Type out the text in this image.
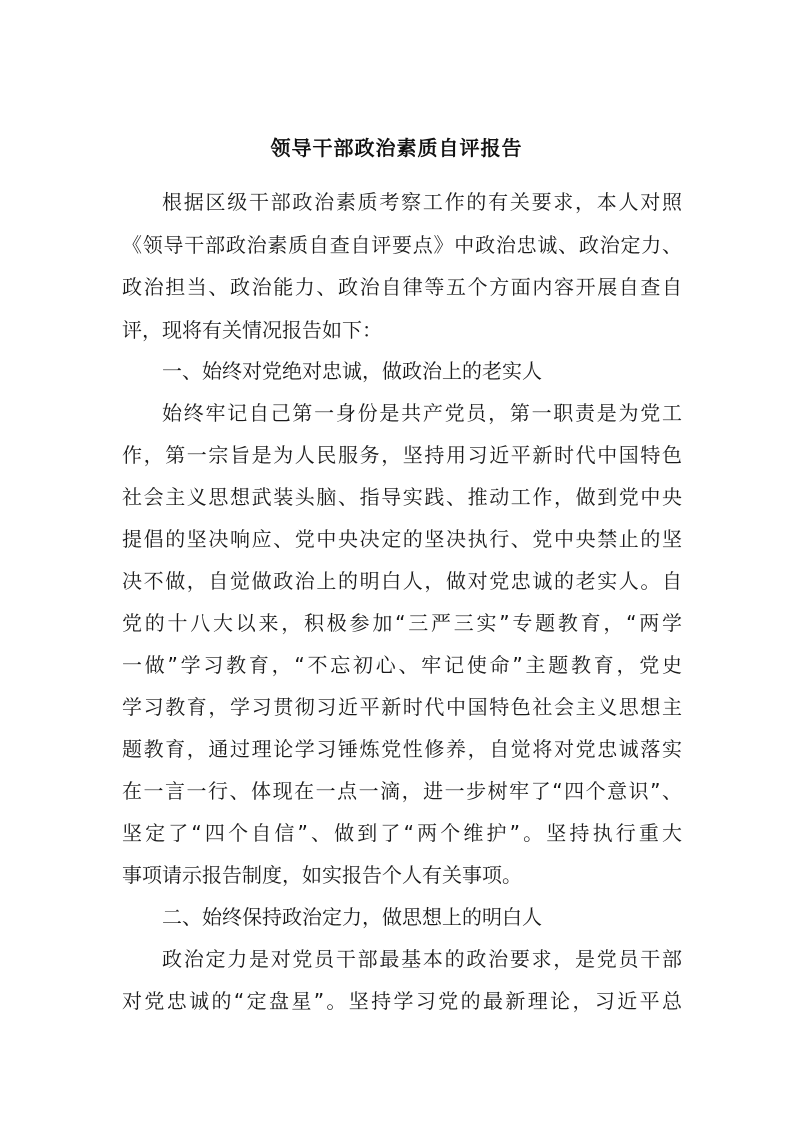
领导干部政治素质自评报告

根据区级干部政治素质考察工作的有关要求，本人对照

《领导干部政治素质自查自评要点》中政治忠诚、政治定力、

政治担当、政治能力、政治自律等五个方面内容开展自查自

评，现将有关情况报告如下：

一、始终对党绝对忠诚，做政治上的老实人

始终牢记自己第一身份是共产党员，第一职责是为党工

作，第一宗旨是为人民服务，坚持用习近平新时代中国特色

社会主义思想武装头脑、指导实践、推动工作，做到党中央

提倡的坚决响应、党中央决定的坚决执行、党中央禁止的坚

决不做，自觉做政治上的明白人，做对党忠诚的老实人。自

党的十八大以来，积极参加“三严三实”专题教育，“两学

一做”学习教育，“不忘初心、牢记使命”主题教育，党史

学习教育，学习贯彻习近平新时代中国特色社会主义思想主

题教育，通过理论学习锤炼党性修养，自觉将对党忠诚落实

在一言一行、体现在一点一滴，进一步树牢了“四个意识”、

坚定了“四个自信”、做到了“两个维护”。坚持执行重大

事项请示报告制度，如实报告个人有关事项。

二、始终保持政治定力，做思想上的明白人

政治定力是对党员干部最基本的政治要求，是党员干部

对党忠诚的“定盘星”。坚持学习党的最新理论，习近平总
